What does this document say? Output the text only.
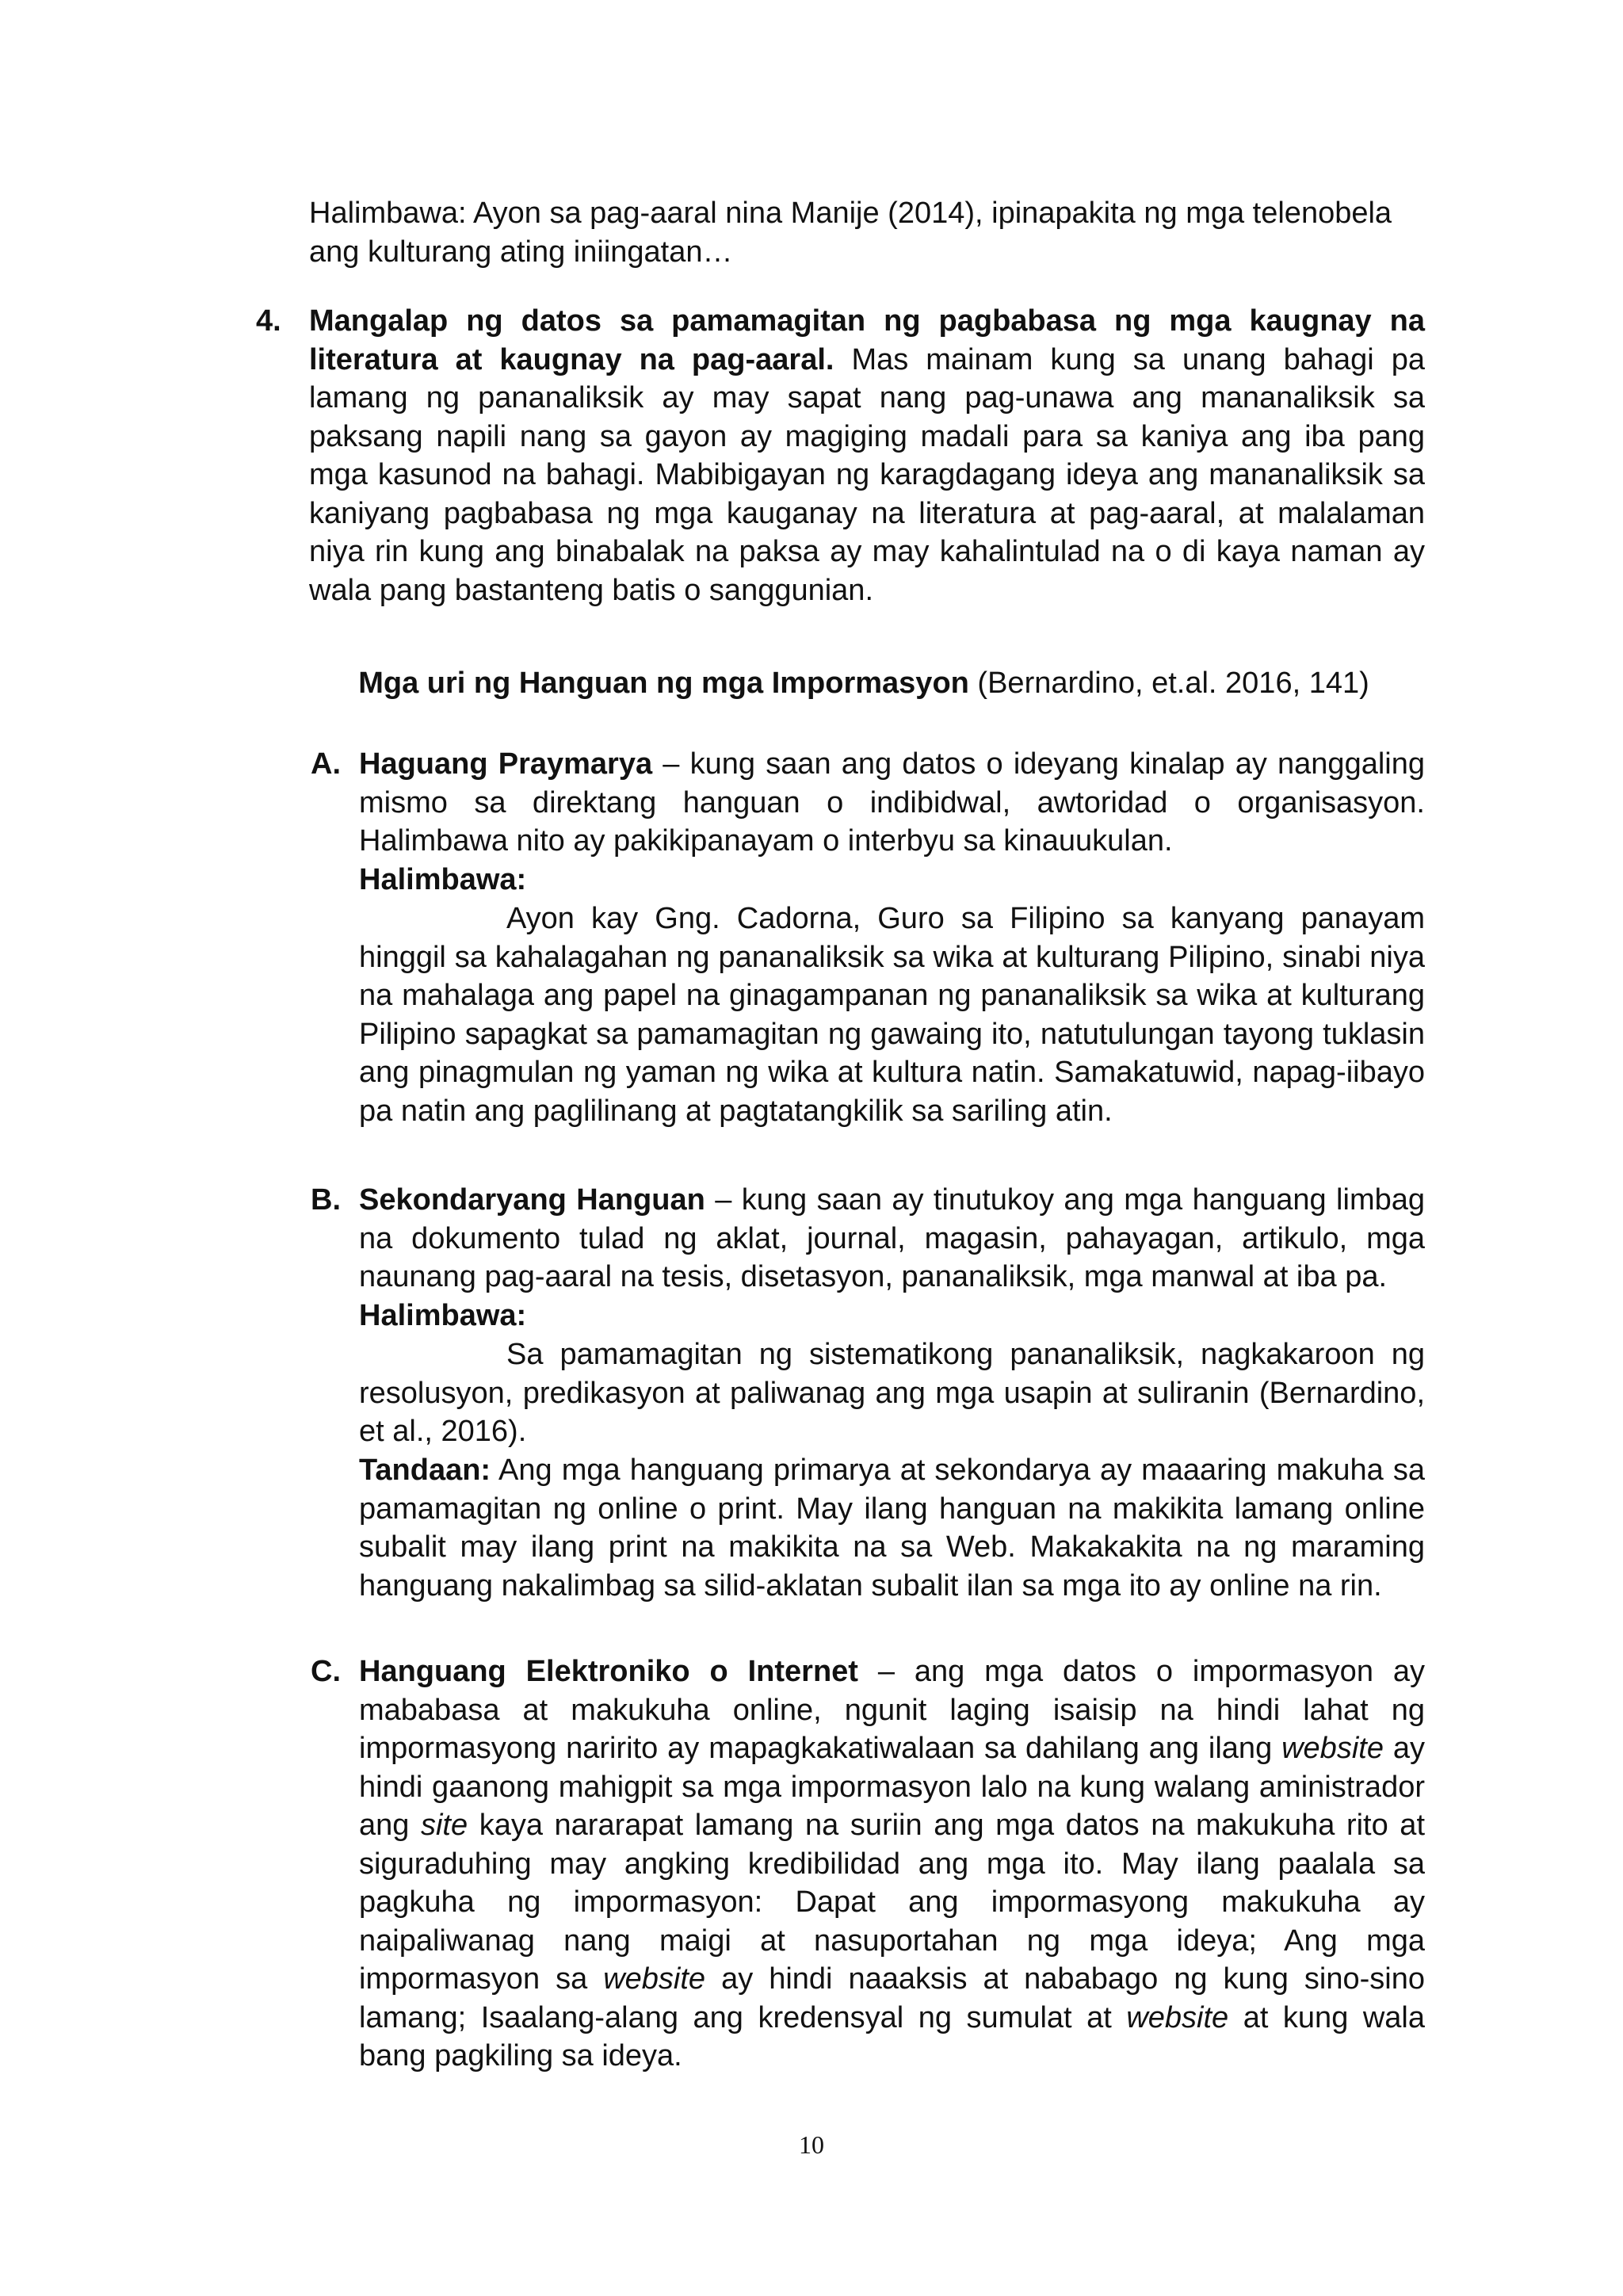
Halimbawa: Ayon sa pag-aaral nina Manije (2014), ipinapakita ng mga telenobela
ang kulturang ating iniingatan…
4. Mangalap ng datos sa pamamagitan ng pagbabasa ng mga kaugnay na literatura at kaugnay na pag-aaral. Mas mainam kung sa unang bahagi pa lamang ng pananaliksik ay may sapat nang pag-unawa ang mananaliksik sa paksang napili nang sa gayon ay magiging madali para sa kaniya ang iba pang mga kasunod na bahagi. Mabibigayan ng karagdagang ideya ang mananaliksik sa kaniyang pagbabasa ng mga kauganay na literatura at pag-aaral, at malalaman niya rin kung ang binabalak na paksa ay may kahalintulad na o di kaya naman ay wala pang bastanteng batis o sanggunian.

Mga uri ng Hanguan ng mga Impormasyon (Bernardino, et.al. 2016, 141)
A. Haguang Praymarya – kung saan ang datos o ideyang kinalap ay nanggaling mismo sa direktang hanguan o indibidwal, awtoridad o organisasyon. Halimbawa nito ay pakikipanayam o interbyu sa kinauukulan.

Halimbawa:

Ayon kay Gng. Cadorna, Guro sa Filipino sa kanyang panayam hinggil sa kahalagahan ng pananaliksik sa wika at kulturang Pilipino, sinabi niya na mahalaga ang papel na ginagampanan ng pananaliksik sa wika at kulturang Pilipino sapagkat sa pamamagitan ng gawaing ito, natutulungan tayong tuklasin ang pinagmulan ng yaman ng wika at kultura natin. Samakatuwid, napag-iibayo pa natin ang paglilinang at pagtatangkilik sa sariling atin.

B. Sekondaryang Hanguan – kung saan ay tinutukoy ang mga hanguang limbag na dokumento tulad ng aklat, journal, magasin, pahayagan, artikulo, mga naunang pag-aaral na tesis, disetasyon, pananaliksik, mga manwal at iba pa.

Halimbawa:

Sa pamamagitan ng sistematikong pananaliksik, nagkakaroon ng resolusyon, predikasyon at paliwanag ang mga usapin at suliranin (Bernardino, et al., 2016).

Tandaan: Ang mga hanguang primarya at sekondarya ay maaaring makuha sa pamamagitan ng online o print. May ilang hanguan na makikita lamang online subalit may ilang print na makikita na sa Web. Makakakita na ng maraming hanguang nakalimbag sa silid-aklatan subalit ilan sa mga ito ay online na rin.

C. Hanguang Elektroniko o Internet – ang mga datos o impormasyon ay mababasa at makukuha online, ngunit laging isaisip na hindi lahat ng impormasyong naririto ay mapagkakatiwalaan sa dahilang ang ilang website ay hindi gaanong mahigpit sa mga impormasyon lalo na kung walang aministrador ang site kaya nararapat lamang na suriin ang mga datos na makukuha rito at siguraduhing may angking kredibilidad ang mga ito. May ilang paalala sa pagkuha ng impormasyon: Dapat ang impormasyong makukuha ay naipaliwanag nang maigi at nasuportahan ng mga ideya; Ang mga impormasyon sa website ay hindi naaaksis at nababago ng kung sino-sino lamang; Isaalang-alang ang kredensyal ng sumulat at website at kung wala bang pagkiling sa ideya.

10
